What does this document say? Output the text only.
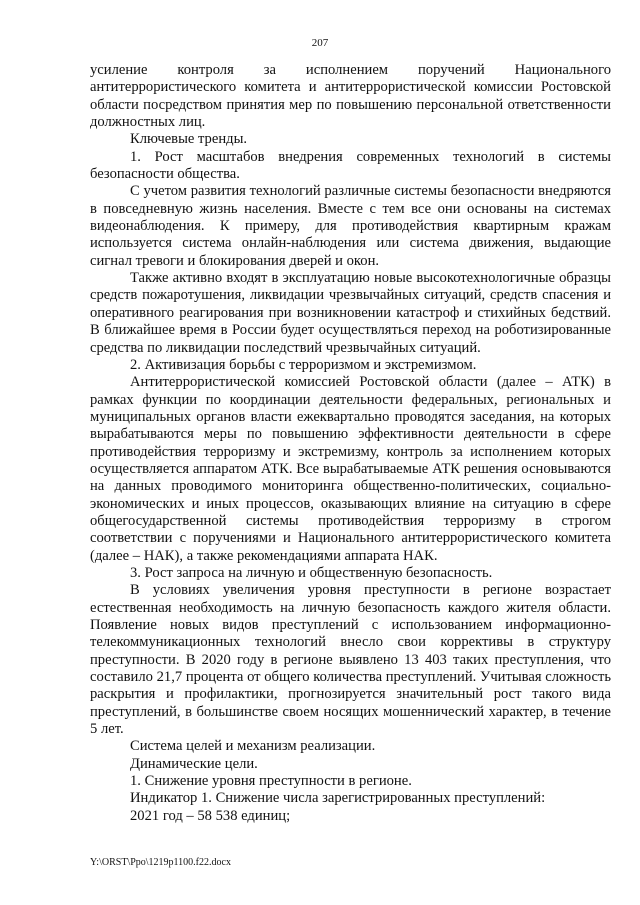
207

усиление контроля за исполнением поручений Национального антитеррористического комитета и антитеррористической комиссии Ростовской области посредством принятия мер по повышению персональной ответственности должностных лиц.

Ключевые тренды.

1. Рост масштабов внедрения современных технологий в системы безопасности общества.

С учетом развития технологий различные системы безопасности внедряются в повседневную жизнь населения. Вместе с тем все они основаны на системах видеонаблюдения. К примеру, для противодействия квартирным кражам используется система онлайн-наблюдения или система движения, выдающие сигнал тревоги и блокирования дверей и окон.

Также активно входят в эксплуатацию новые высокотехнологичные образцы средств пожаротушения, ликвидации чрезвычайных ситуаций, средств спасения и оперативного реагирования при возникновении катастроф и стихийных бедствий. В ближайшее время в России будет осуществляться переход на роботизированные средства по ликвидации последствий чрезвычайных ситуаций.

2. Активизация борьбы с терроризмом и экстремизмом.

Антитеррористической комиссией Ростовской области (далее – АТК) в рамках функции по координации деятельности федеральных, региональных и муниципальных органов власти ежеквартально проводятся заседания, на которых вырабатываются меры по повышению эффективности деятельности в сфере противодействия терроризму и экстремизму, контроль за исполнением которых осуществляется аппаратом АТК. Все вырабатываемые АТК решения основываются на данных проводимого мониторинга общественно-политических, социально-экономических и иных процессов, оказывающих влияние на ситуацию в сфере общегосударственной системы противодействия терроризму в строгом соответствии с поручениями и Национального антитеррористического комитета (далее – НАК), а также рекомендациями аппарата НАК.

3. Рост запроса на личную и общественную безопасность.

В условиях увеличения уровня преступности в регионе возрастает естественная необходимость на личную безопасность каждого жителя области. Появление новых видов преступлений с использованием информационно-телекоммуникационных технологий внесло свои коррективы в структуру преступности. В 2020 году в регионе выявлено 13 403 таких преступления, что составило 21,7 процента от общего количества преступлений. Учитывая сложность раскрытия и профилактики, прогнозируется значительный рост такого вида преступлений, в большинстве своем носящих мошеннический характер, в течение 5 лет.

Система целей и механизм реализации.

Динамические цели.

1. Снижение уровня преступности в регионе.

Индикатор 1. Снижение числа зарегистрированных преступлений:

2021 год – 58 538 единиц;

Y:\ORST\Ppo\1219p1100.f22.docx
